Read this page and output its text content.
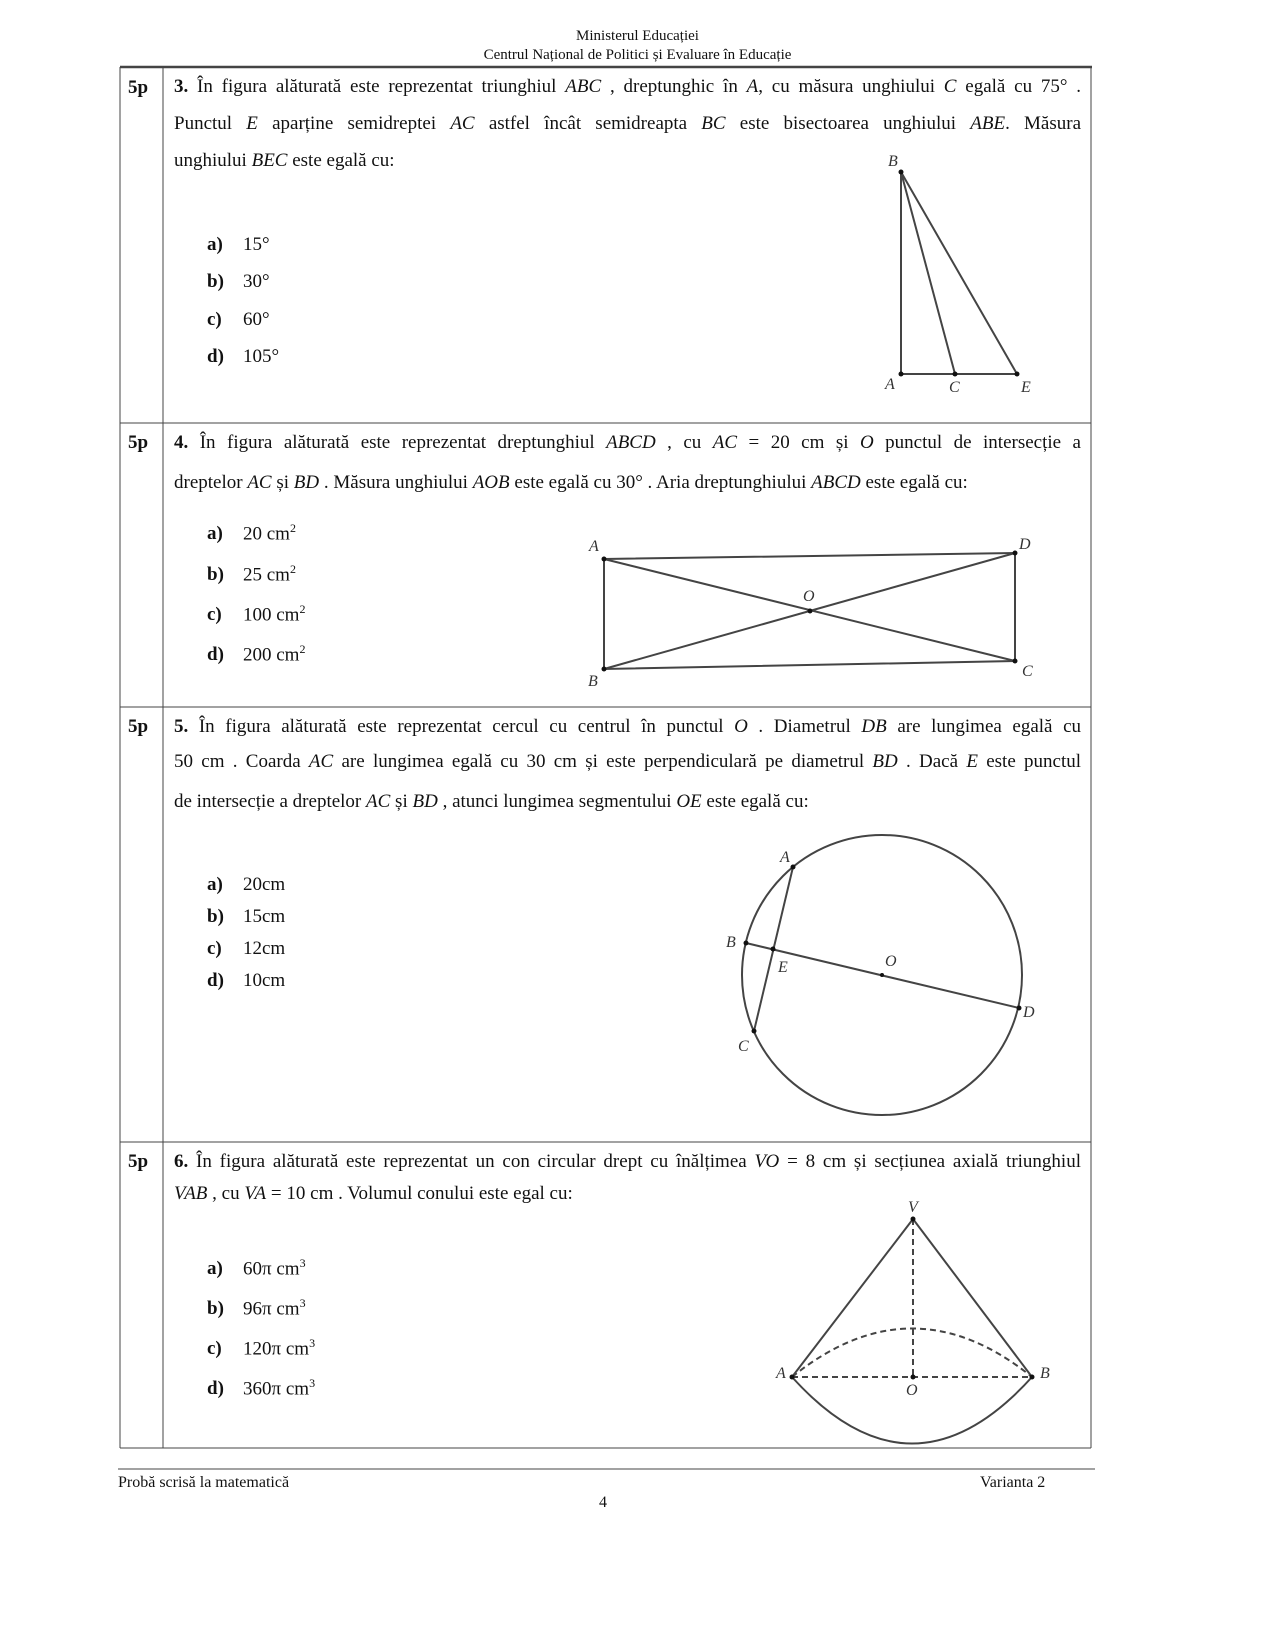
Ministerul Educației
Centrul Național de Politici și Evaluare în Educație
B
A	C	E
A	D
O
B
C
A
B
E	O
D
C
V
A	B
O
5p 3. În figura alăturată este reprezentat triunghiul ABC , dreptunghic în A, cu măsura unghiului C egală cu 75° .
Punctul E aparține semidreptei AC astfel încât semidreapta BC este bisectoarea unghiului ABE. Măsura
unghiului BEC este egală cu:
a) 15°
b) 30°
c) 60°
d) 105°
5p 4. În figura alăturată este reprezentat dreptunghiul ABCD , cu AC = 20 cm și O punctul de intersecție a
dreptelor AC și BD . Măsura unghiului AOB este egală cu 30° . Aria dreptunghiului ABCD este egală cu:
a) 20 $cm^2$
b) 25 $cm^2$
c) 100 $cm^2$
d) 200 $cm^2$
5p 5. În figura alăturată este reprezentat cercul cu centrul în punctul O . Diametrul DB are lungimea egală cu
50 cm . Coarda AC are lungimea egală cu 30 cm și este perpendiculară pe diametrul BD . Dacă E este punctul
de intersecție a dreptelor AC și BD , atunci lungimea segmentului OE este egală cu:
a) 20cm
b) 15cm
c) 12cm
d) 10cm
5p 6. În figura alăturată este reprezentat un con circular drept cu înălțimea VO = 8 cm și secțiunea axială triunghiul
VAB , cu VA = 10 cm . Volumul conului este egal cu:
a) 60π $cm^3$
b) 96π $cm^3$
c) 120π $cm^3$
d) 360π $cm^3$
Probă scrisă la matematică	Varianta 2
4
